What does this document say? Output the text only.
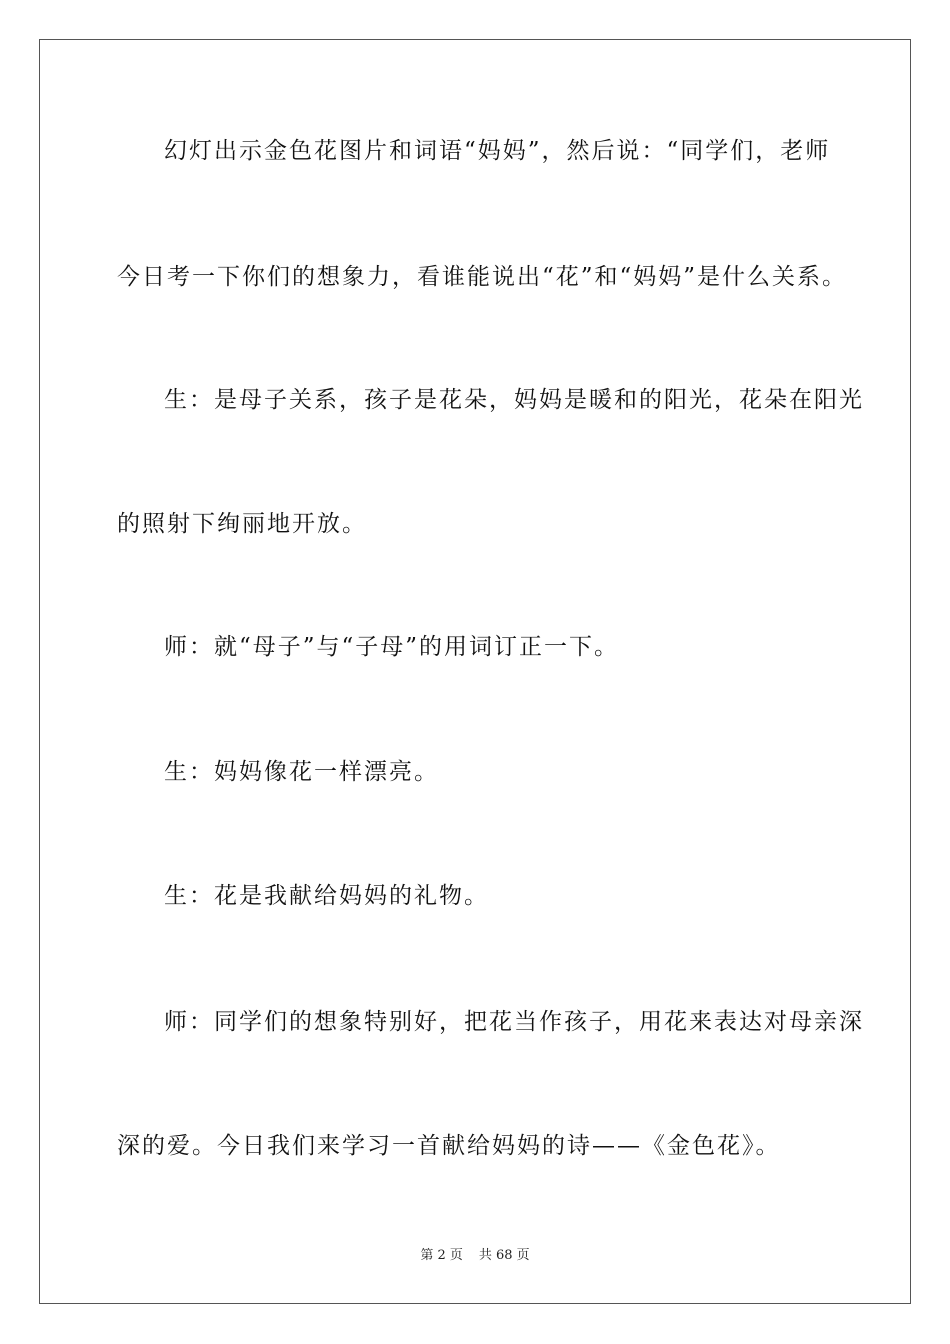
幻灯出示金色花图片和词语“妈妈”，然后说：“同学们，老师
今日考一下你们的想象力，看谁能说出“花”和“妈妈”是什么关系。
生：是母子关系，孩子是花朵，妈妈是暖和的阳光，花朵在阳光
的照射下绚丽地开放。
师：就“母子”与“子母”的用词订正一下。
生：妈妈像花一样漂亮。
生：花是我献给妈妈的礼物。
师：同学们的想象特别好，把花当作孩子，用花来表达对母亲深
深的爱。今日我们来学习一首献给妈妈的诗——《金色花》。
第 2 页 共 68 页
